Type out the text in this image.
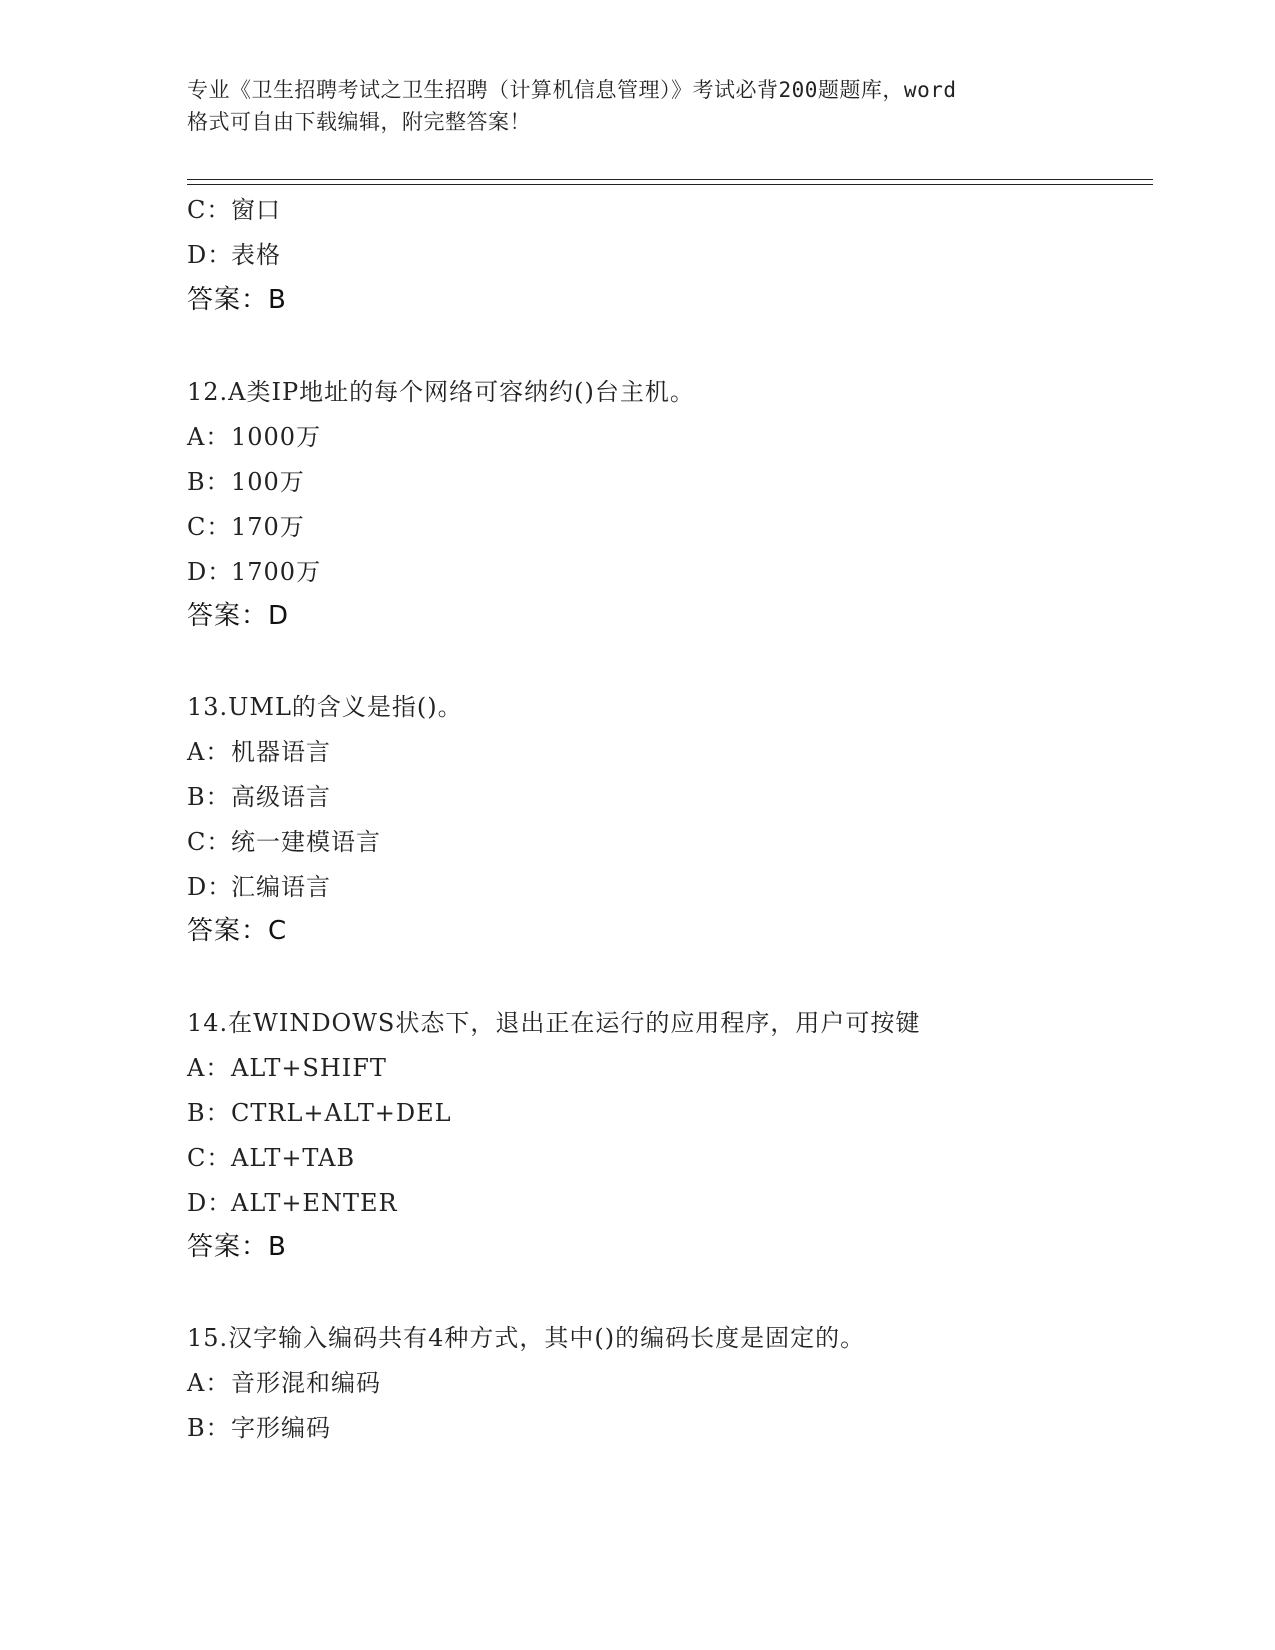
专业《卫生招聘考试之卫生招聘（计算机信息管理）》考试必背200题题库，word
格式可自由下载编辑，附完整答案！
C：窗口
D：表格
答案：B
12.A类IP地址的每个网络可容纳约()台主机。
A：1000万
B：100万
C：170万
D：1700万
答案：D
13.UML的含义是指()。
A：机器语言
B：高级语言
C：统一建模语言
D：汇编语言
答案：C
14.在WINDOWS状态下，退出正在运行的应用程序，用户可按键
A：ALT+SHIFT
B：CTRL+ALT+DEL
C：ALT+TAB
D：ALT+ENTER
答案：B
15.汉字输入编码共有4种方式，其中()的编码长度是固定的。
A：音形混和编码
B：字形编码
